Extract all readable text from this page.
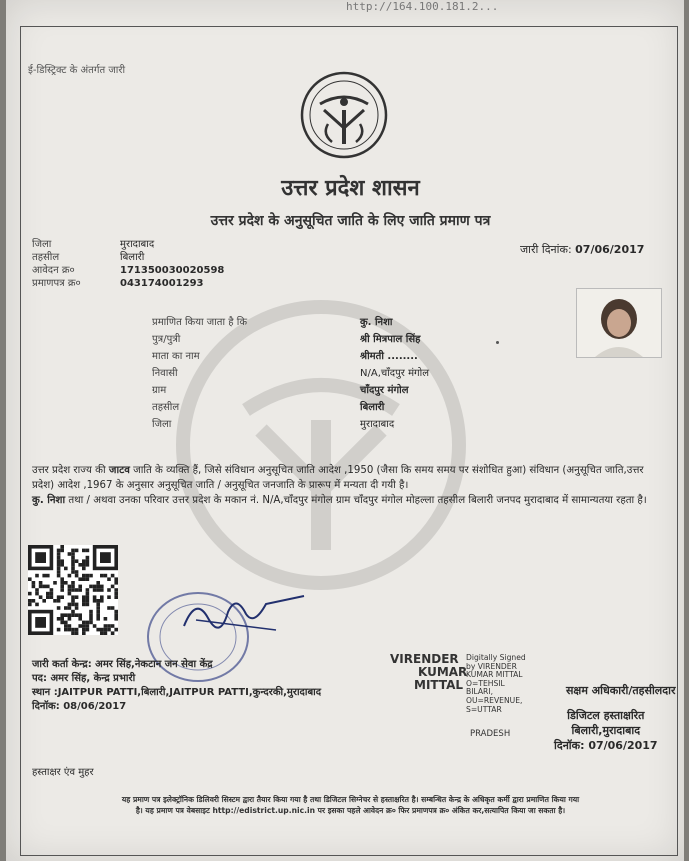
http://164.100.181.2...
ई-डिस्ट्रिक्ट के अंतर्गत जारी
उत्तर प्रदेश शासन
उत्तर प्रदेश के अनुसूचित जाति के लिए जाति प्रमाण पत्र
जिला	मुरादाबाद
तहसील	बिलारी
आवेदन क्र०	171350030020598
प्रमाणपत्र क्र०	043174001293
जारी दिनांक: 07/06/2017
प्रमाणित किया जाता है कि	कु. निशा
पुत्र/पुत्री	श्री मित्रपाल सिंह
माता का नाम	श्रीमती ........
निवासी	N/A,चाँदपुर मंगोल
ग्राम	चाँदपुर मंगोल
तहसील	बिलारी
जिला	मुरादाबाद
उत्तर प्रदेश राज्य की जाटव जाति के व्यक्ति हैं, जिसे संविधान अनुसूचित जाति आदेश ,1950 (जैसा कि समय समय पर संशोधित हुआ) संविधान (अनुसूचित जाति,उत्तर प्रदेश) आदेश ,1967 के अनुसार अनुसूचित जाति / अनुसूचित जनजाति के प्रारूप में मन्यता दी गयी है।
कु. निशा तथा / अथवा उनका परिवार उत्तर प्रदेश के मकान नं. N/A,चाँदपुर मंगोल ग्राम चाँदपुर मंगोल मोहल्ला तहसील बिलारी जनपद मुरादाबाद में सामान्यतया रहता है।
जारी कर्ता केन्द्र: अमर सिंह,नेकटान जन सेवा केंद्र
पद: अमर सिंह, केन्द्र प्रभारी
स्थान :JAITPUR PATTI,बिलारी,JAITPUR PATTI,कुन्दरकी,मुरादाबाद
दिनॉक: 08/06/2017
VIRENDER
KUMAR
MITTAL
Digitally Signed
by VIRENDER
KUMAR MITTAL
O=TEHSIL
BILARI,
OU=REVENUE,
S=UTTAR
PRADESH
सक्षम अधिकारी/तहसीलदार
डिजिटल हस्ताक्षरित
बिलारी,मुरादाबाद
दिनॉक: 07/06/2017
हस्ताक्षर एंव मुहर
यह प्रमाण पत्र इलेक्ट्रॉनिक डिलिवरी सिस्टम द्वारा तैयार किया गया है तथा डिजिटल सिग्नेचर से हस्ताक्षरित है। सम्बन्धित केन्द्र के अधिकृत कर्मी द्वारा प्रमाणित किया गया
है। यह प्रमाण पत्र वेबसाइट http://edistrict.up.nic.in पर इसका पहले आवेदन क्र० फिर प्रमाणपत्र क्र० अंकित कर,सत्यापित किया जा सकता है।
